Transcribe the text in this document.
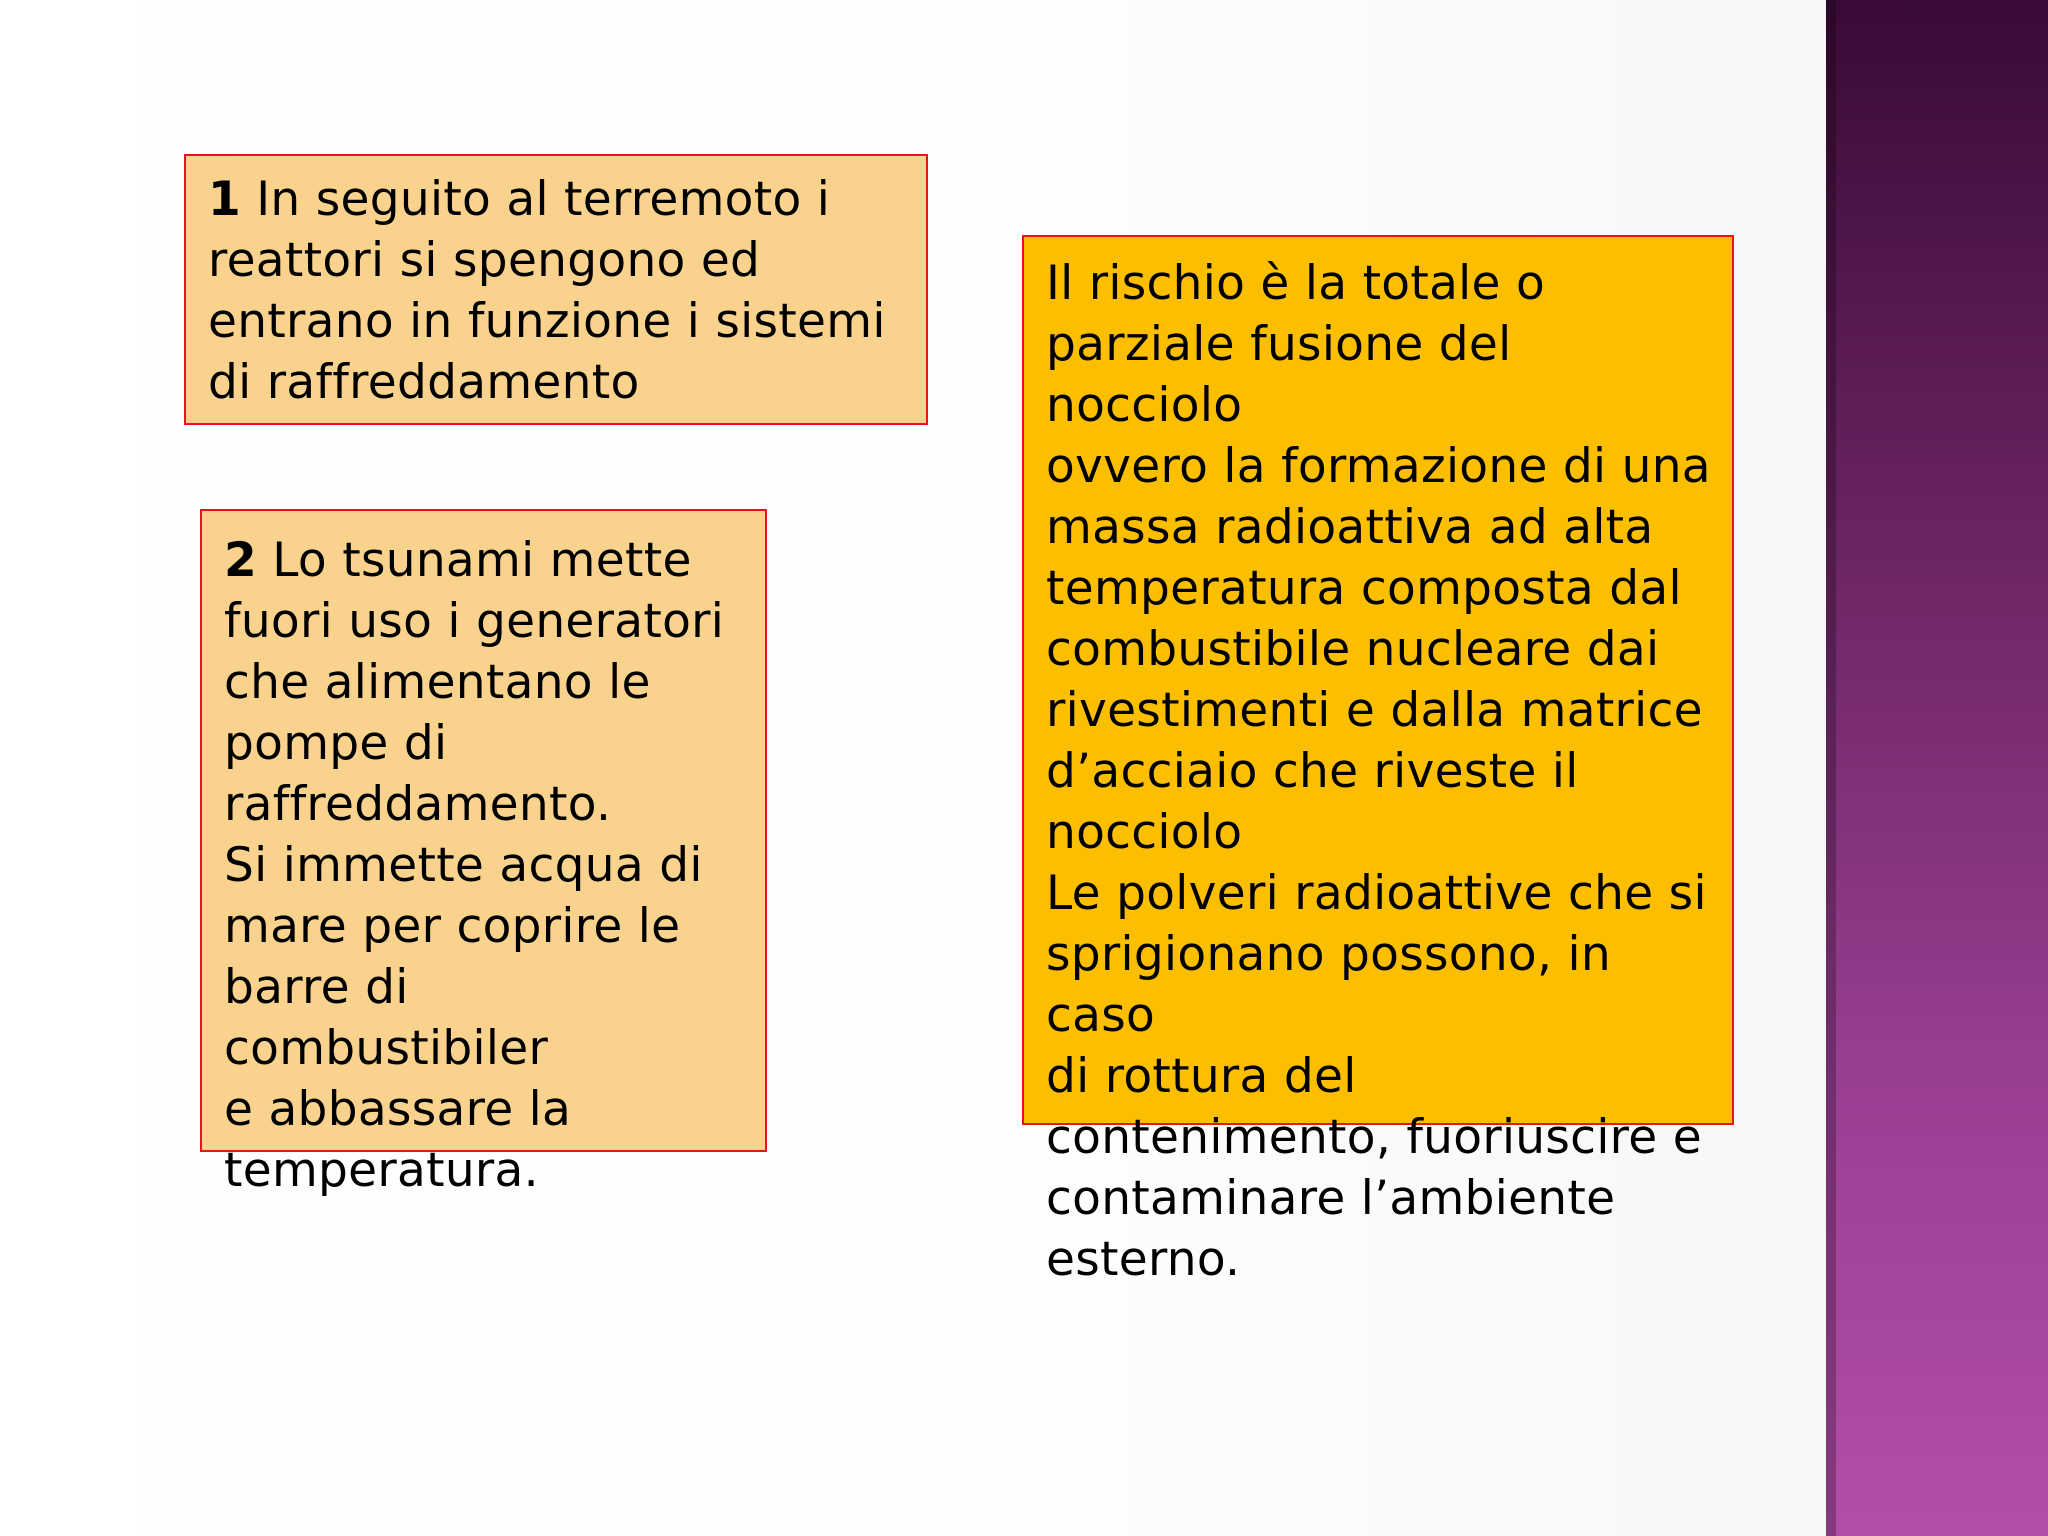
1 In seguito al terremoto i
reattori si spengono ed
entrano in funzione i sistemi
di raffreddamento
2 Lo tsunami mette
fuori uso i generatori
che alimentano le
pompe di
raffreddamento.
Si immette acqua di
mare per coprire le
barre di combustibiler
e abbassare la
temperatura.
Il rischio è la totale o
parziale fusione del nocciolo
ovvero la formazione di una
massa radioattiva ad alta
temperatura composta dal
combustibile nucleare dai
rivestimenti e dalla matrice
d’acciaio che riveste il
nocciolo
Le polveri radioattive che si
sprigionano possono, in caso
di rottura del
contenimento, fuoriuscire e
contaminare l’ambiente
esterno.
